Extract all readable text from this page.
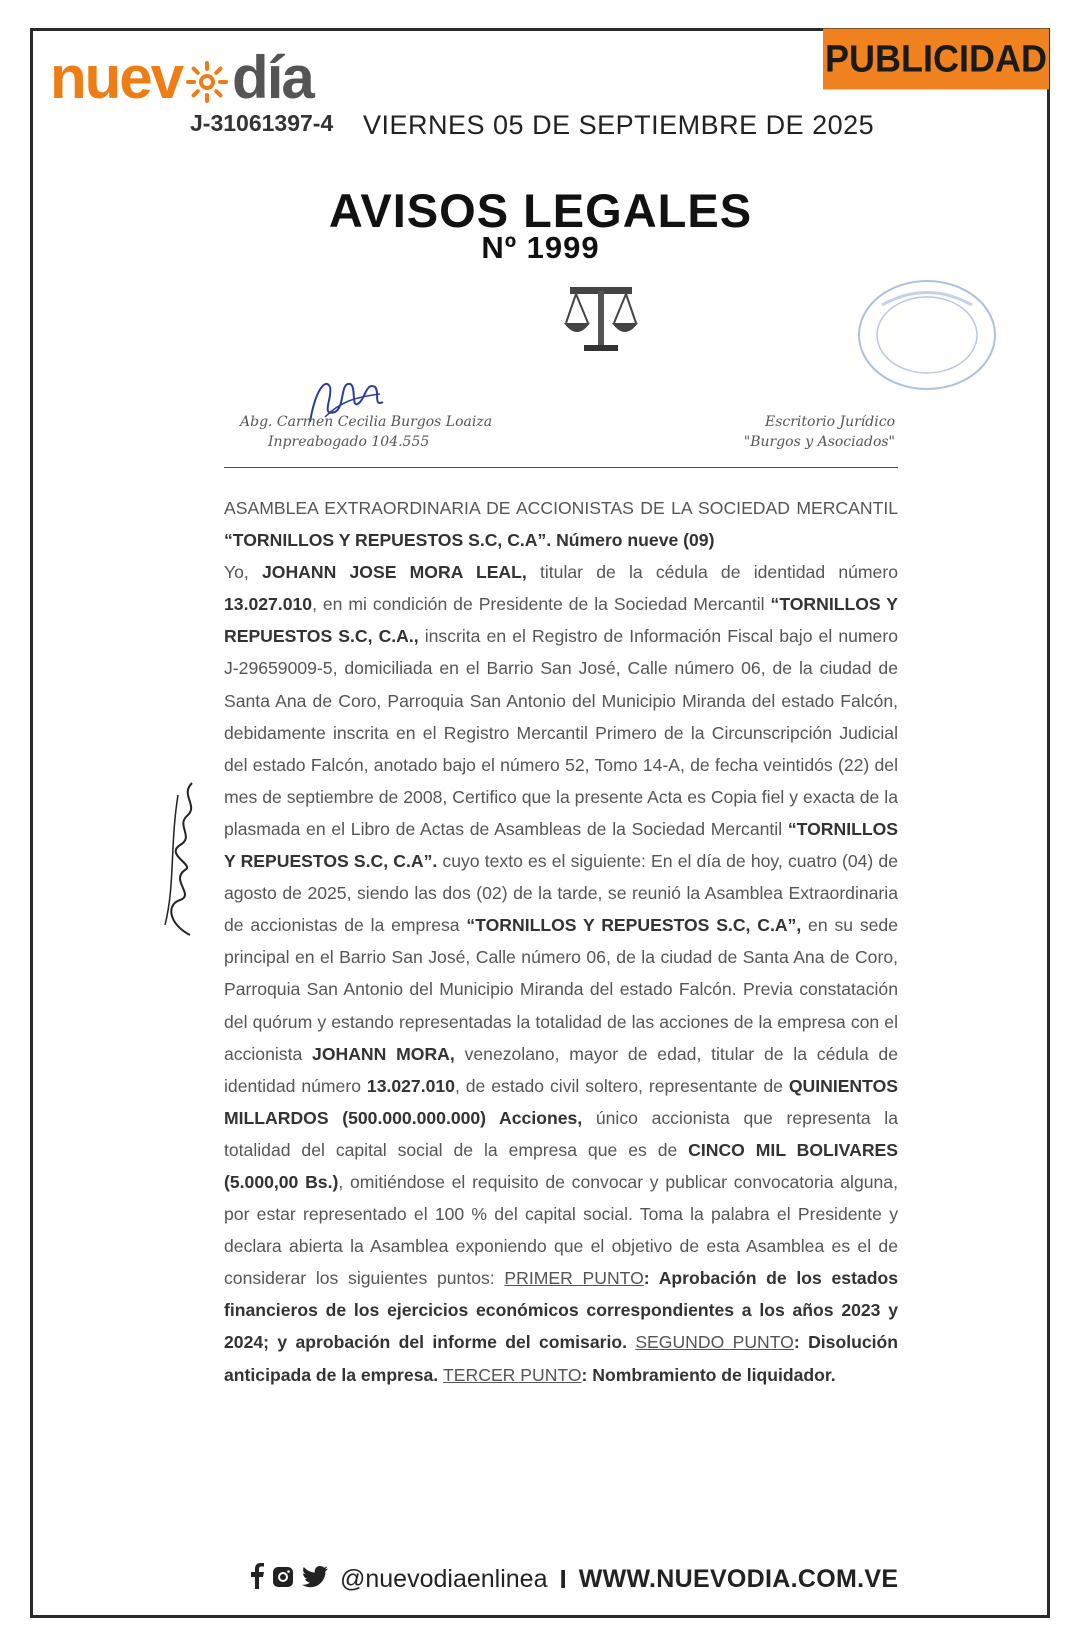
PUBLICIDAD
nuev día
J-31061397-4 VIERNES 05 DE SEPTIEMBRE DE 2025
AVISOS LEGALES
Nº 1999
Abg. Carmen Cecilia Burgos Loaiza
Inpreabogado 104.555
Escritorio Jurídico
"Burgos y Asociados"
ASAMBLEA EXTRAORDINARIA DE ACCIONISTAS DE LA SOCIEDAD MERCANTIL “TORNILLOS Y REPUESTOS S.C, C.A”. Número nueve (09)
Yo, JOHANN JOSE MORA LEAL, titular de la cédula de identidad número 13.027.010, en mi condición de Presidente de la Sociedad Mercantil “TORNILLOS Y REPUESTOS S.C, C.A., inscrita en el Registro de Información Fiscal bajo el numero J-29659009-5, domiciliada en el Barrio San José, Calle número 06, de la ciudad de Santa Ana de Coro, Parroquia San Antonio del Municipio Miranda del estado Falcón, debidamente inscrita en el Registro Mercantil Primero de la Circunscripción Judicial del estado Falcón, anotado bajo el número 52, Tomo 14-A, de fecha veintidós (22) del mes de septiembre de 2008, Certifico que la presente Acta es Copia fiel y exacta de la plasmada en el Libro de Actas de Asambleas de la Sociedad Mercantil “TORNILLOS Y REPUESTOS S.C, C.A”. cuyo texto es el siguiente: En el día de hoy, cuatro (04) de agosto de 2025, siendo las dos (02) de la tarde, se reunió la Asamblea Extraordinaria de accionistas de la empresa “TORNILLOS Y REPUESTOS S.C, C.A”, en su sede principal en el Barrio San José, Calle número 06, de la ciudad de Santa Ana de Coro, Parroquia San Antonio del Municipio Miranda del estado Falcón. Previa constatación del quórum y estando representadas la totalidad de las acciones de la empresa con el accionista JOHANN MORA, venezolano, mayor de edad, titular de la cédula de identidad número 13.027.010, de estado civil soltero, representante de QUINIENTOS MILLARDOS (500.000.000.000) Acciones, único accionista que representa la totalidad del capital social de la empresa que es de CINCO MIL BOLIVARES (5.000,00 Bs.), omitiéndose el requisito de convocar y publicar convocatoria alguna, por estar representado el 100 % del capital social. Toma la palabra el Presidente y declara abierta la Asamblea exponiendo que el objetivo de esta Asamblea es el de considerar los siguientes puntos: PRIMER PUNTO: Aprobación de los estados financieros de los ejercicios económicos correspondientes a los años 2023 y 2024; y aprobación del informe del comisario. SEGUNDO PUNTO: Disolución anticipada de la empresa. TERCER PUNTO: Nombramiento de liquidador.
@nuevodiaenlinea I WWW.NUEVODIA.COM.VE
